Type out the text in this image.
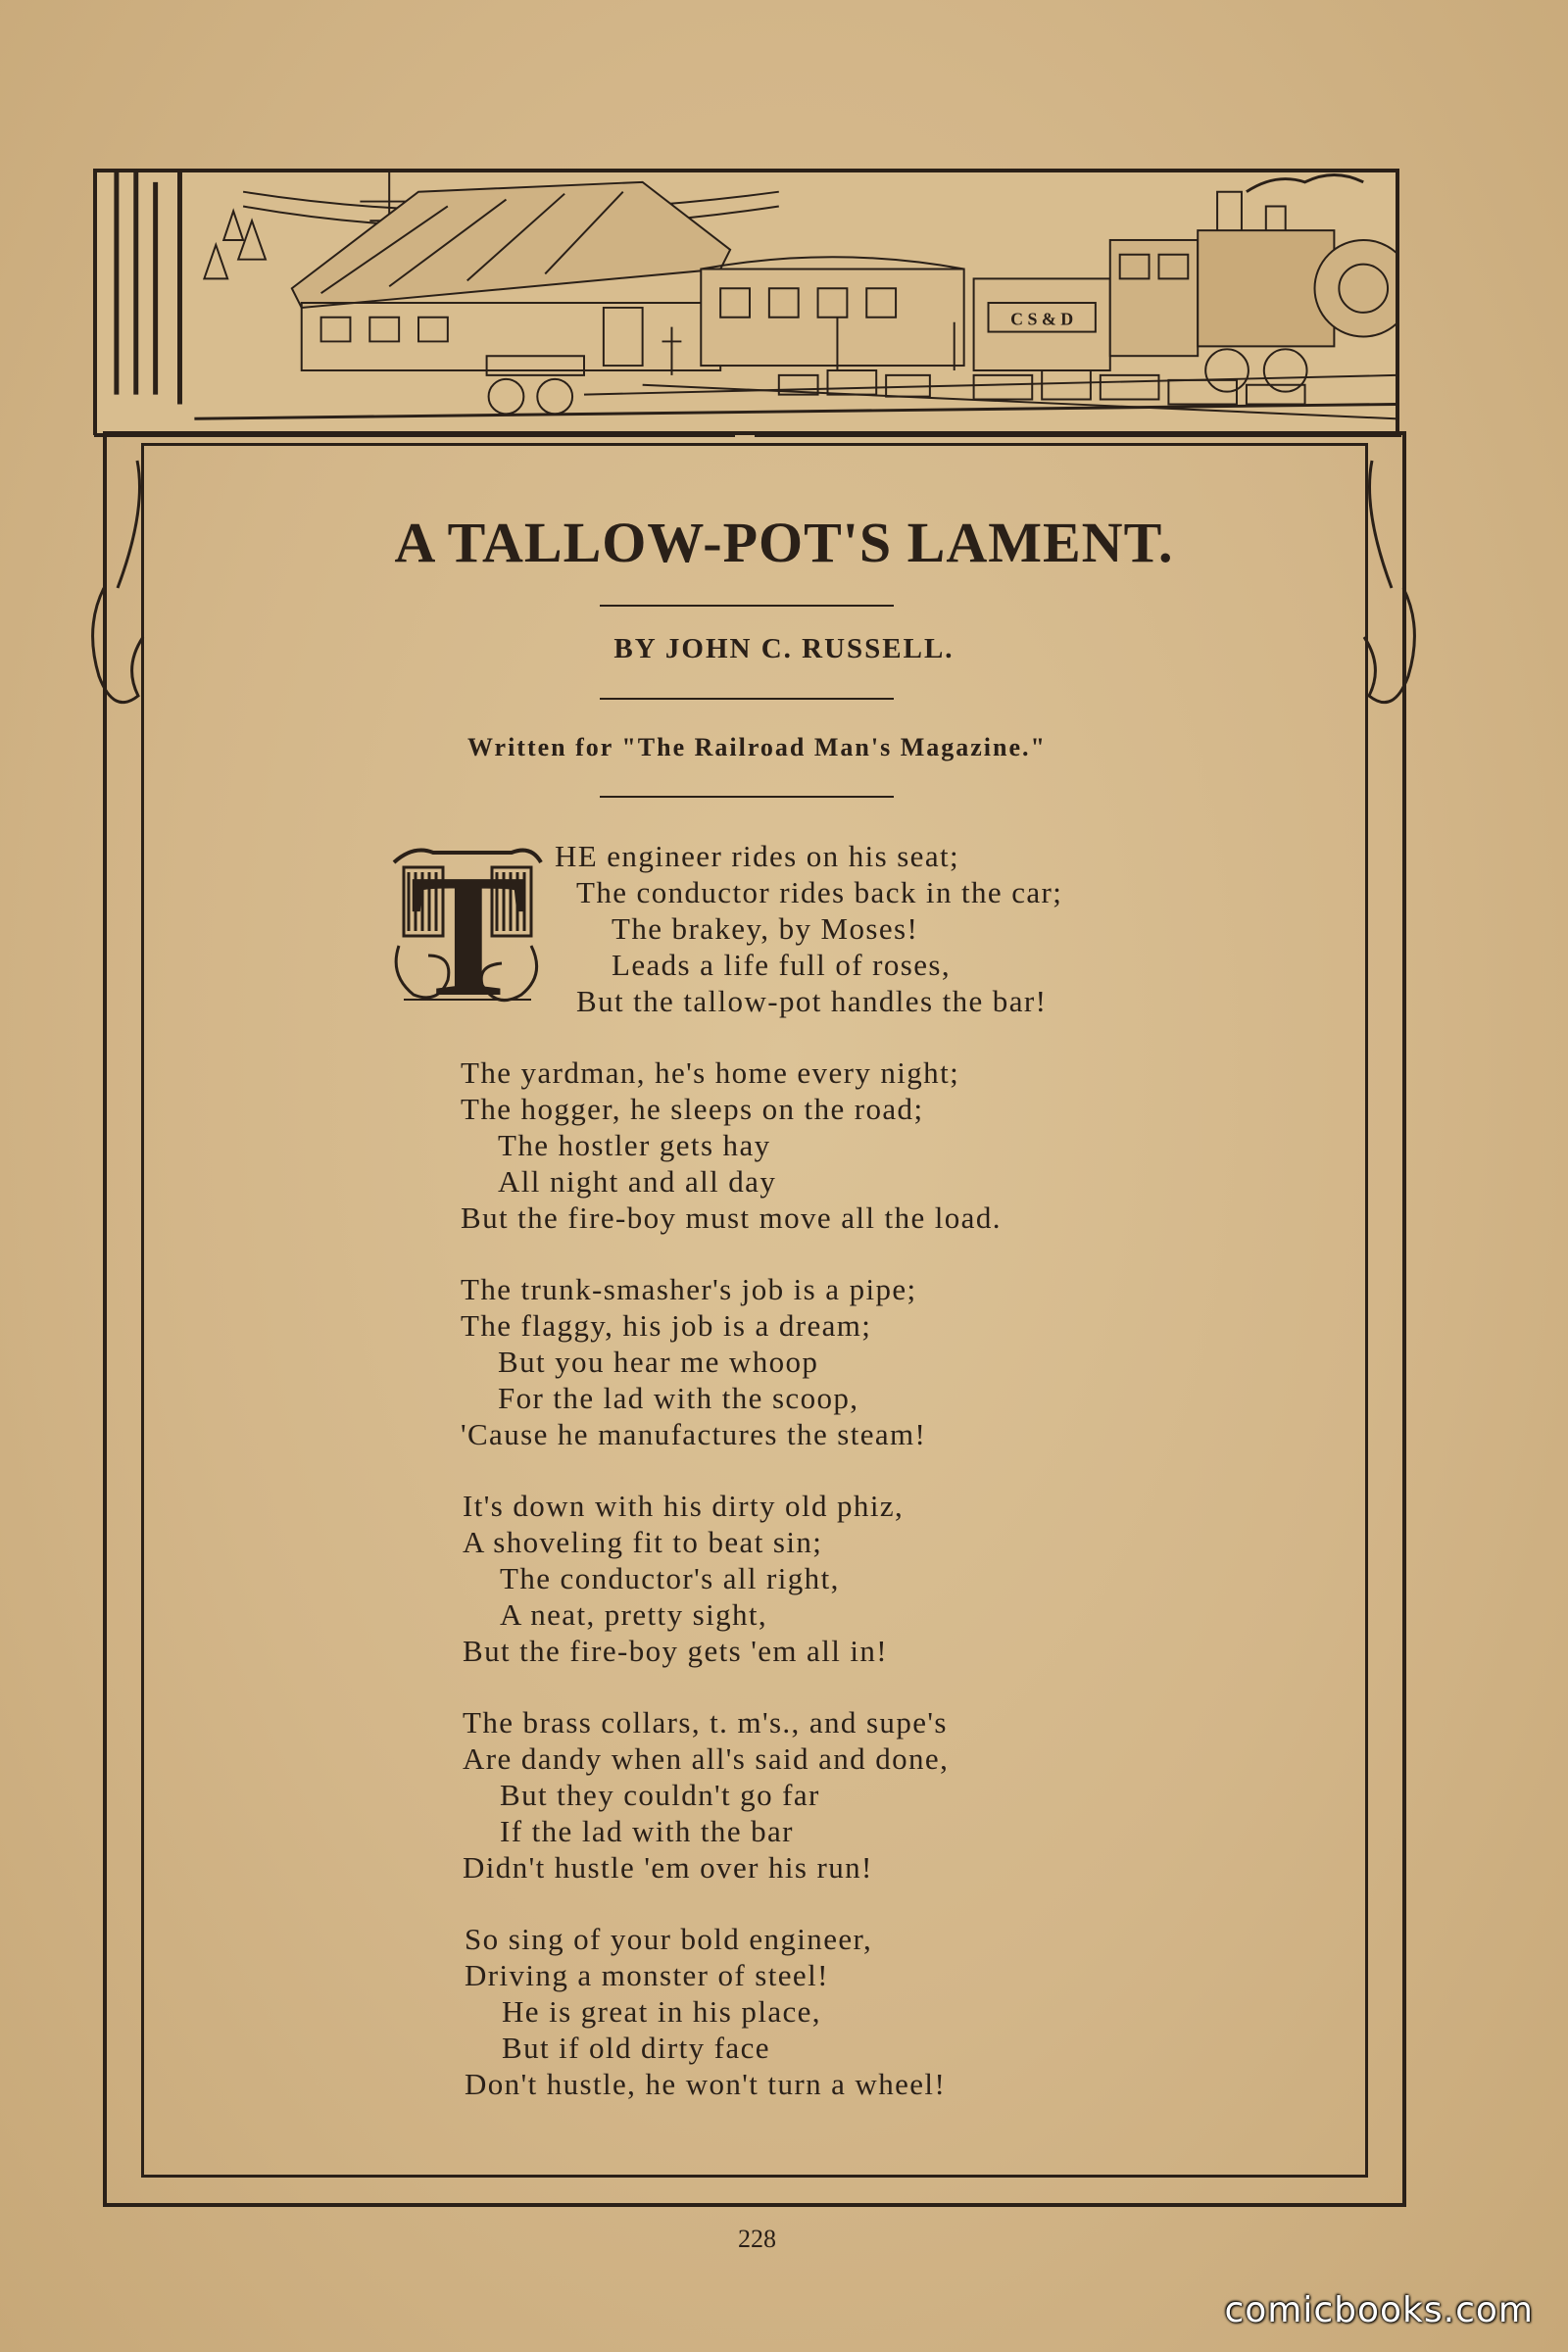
C S & D
A TALLOW-POT'S LAMENT.
BY JOHN C. RUSSELL.
Written for "The Railroad Man's Magazine."
T HE engineer rides on his seat;
The conductor rides back in the car;
The brakey, by Moses!
Leads a life full of roses,
But the tallow-pot handles the bar!
The yardman, he's home every night;
The hogger, he sleeps on the road;
The hostler gets hay
All night and all day
But the fire-boy must move all the load.
The trunk-smasher's job is a pipe;
The flaggy, his job is a dream;
But you hear me whoop
For the lad with the scoop,
'Cause he manufactures the steam!
It's down with his dirty old phiz,
A shoveling fit to beat sin;
The conductor's all right,
A neat, pretty sight,
But the fire-boy gets 'em all in!
The brass collars, t. m's., and supe's
Are dandy when all's said and done,
But they couldn't go far
If the lad with the bar
Didn't hustle 'em over his run!
So sing of your bold engineer,
Driving a monster of steel!
He is great in his place,
But if old dirty face
Don't hustle, he won't turn a wheel!
228
comicbooks.com
